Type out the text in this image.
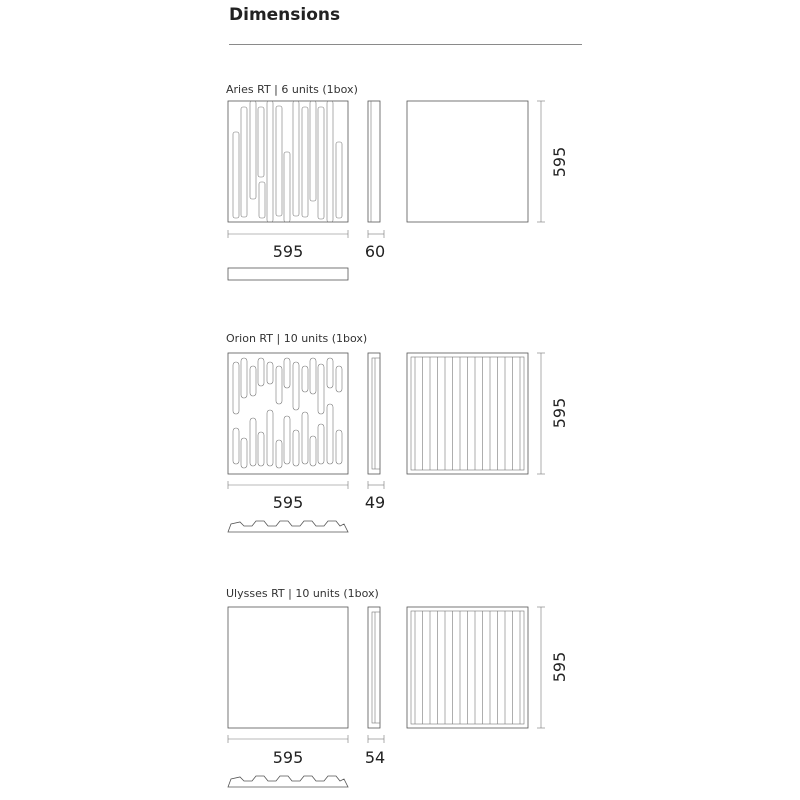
Dimensions
Aries RT | 6 units (1box)
595	60
595
Orion RT | 10 units (1box)
595	49
595
Ulysses RT | 10 units (1box)
595	54
595
